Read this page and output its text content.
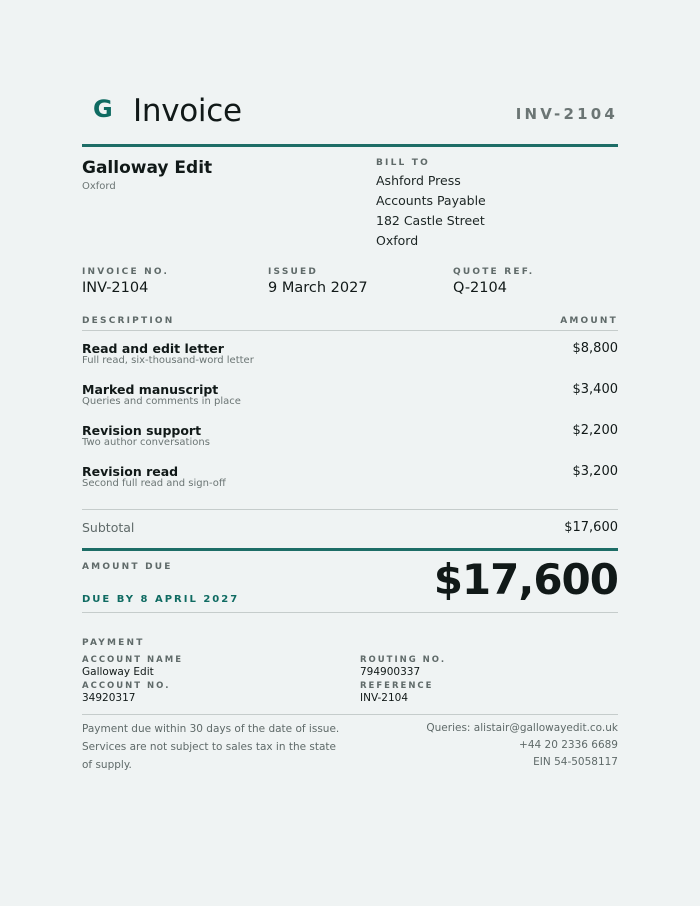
G Invoice	INV-2104
Galloway Edit
Oxford
BILL TO
Ashford Press
Accounts Payable
182 Castle Street
Oxford
INVOICE NO.
INV-2104
ISSUED
9 March 2027
QUOTE REF.
Q-2104
DESCRIPTION	AMOUNT
Read and edit letter
Full read, six-thousand-word letter
$8,800
Marked manuscript
Queries and comments in place
$3,400
Revision support
Two author conversations
$2,200
Revision read
Second full read and sign-off
$3,200
Subtotal	$17,600
AMOUNT DUE
DUE BY 8 APRIL 2027	$17,600
PAYMENT
ACCOUNT NAME
Galloway Edit
ACCOUNT NO.
34920317
ROUTING NO.
794900337
REFERENCE
INV-2104
Payment due within 30 days of the date of issue. Services are not subject to sales tax in the state of supply.
Queries: alistair@gallowayedit.co.uk
+44 20 2336 6689
EIN 54-5058117
